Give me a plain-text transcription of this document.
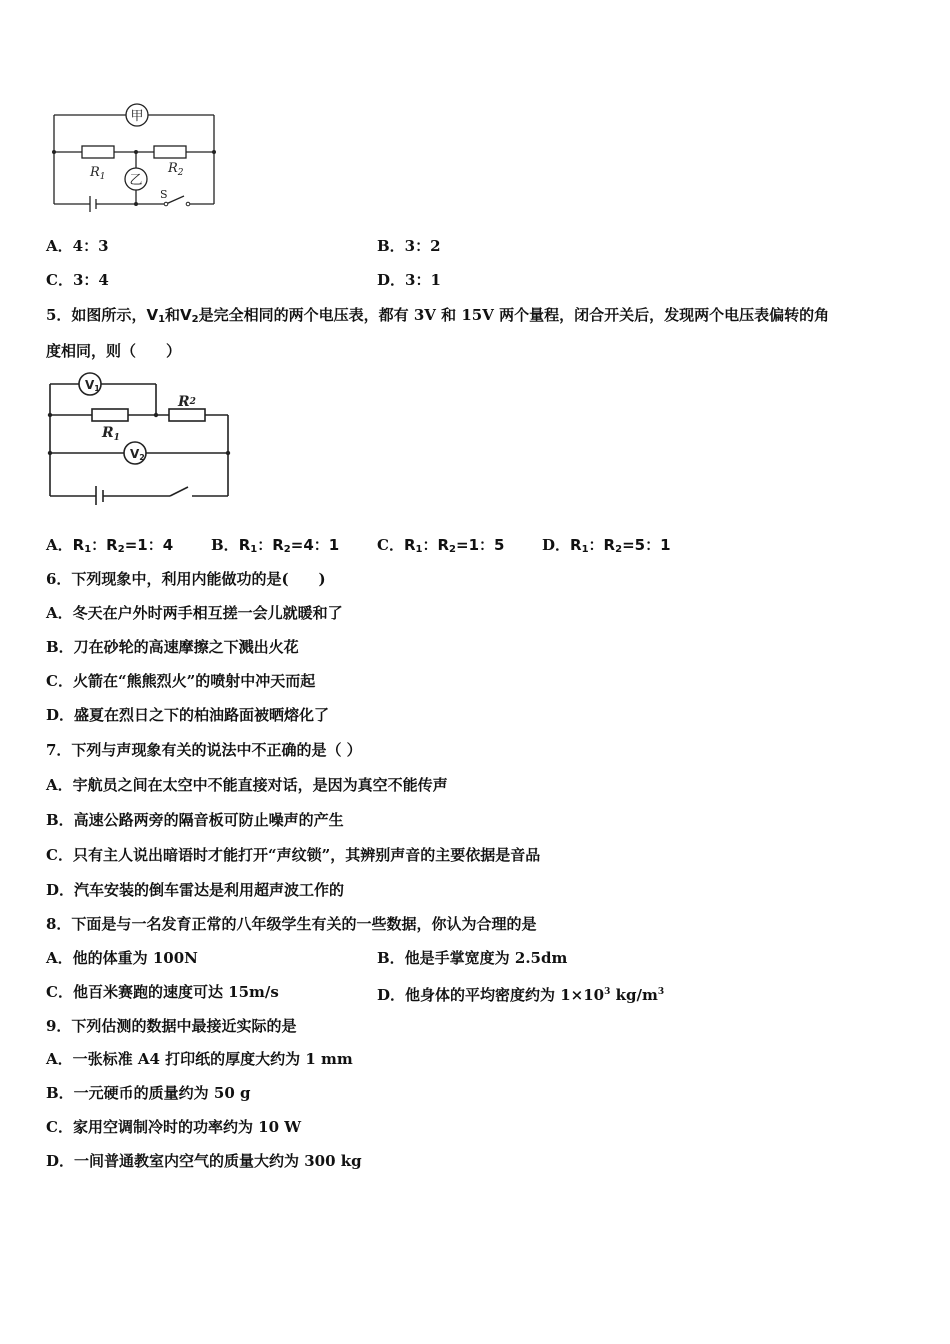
甲
乙
$R_1$
$R_2$
S
A．4：3	B．3：2
C．3：4	D．3：1
5．如图所示，$V_1$和$V_2$是完全相同的两个电压表，都有 3V 和 15V 两个量程，闭合开关后，发现两个电压表偏转的角
度相同，则（　　）
V1
V2
$R_1$
R2
A．$R_1$：$R_2=1$：4	B．$R_1$：$R_2=4$：1	C．$R_1$：$R_2=1$：5	D．$R_1$：$R_2=5$：1
6．下列现象中，利用内能做功的是(　　)
A．冬天在户外时两手相互搓一会儿就暖和了
B．刀在砂轮的高速摩擦之下溅出火花
C．火箭在“熊熊烈火”的喷射中冲天而起
D．盛夏在烈日之下的柏油路面被晒熔化了
7．下列与声现象有关的说法中不正确的是（ ）
A．宇航员之间在太空中不能直接对话，是因为真空不能传声
B．高速公路两旁的隔音板可防止噪声的产生
C．只有主人说出暗语时才能打开“声纹锁”，其辨别声音的主要依据是音品
D．汽车安装的倒车雷达是利用超声波工作的
8．下面是与一名发育正常的八年级学生有关的一些数据，你认为合理的是
A．他的体重为 100N	B．他是手掌宽度为 2.5dm
C．他百米赛跑的速度可达 15m/s	D．他身体的平均密度约为 $1\times 10^3$ $kg/m^3$
9．下列估测的数据中最接近实际的是
A．一张标准 A4 打印纸的厚度大约为 1 mm
B．一元硬币的质量约为 50 g
C．家用空调制冷时的功率约为 10 W
D．一间普通教室内空气的质量大约为 300 kg
